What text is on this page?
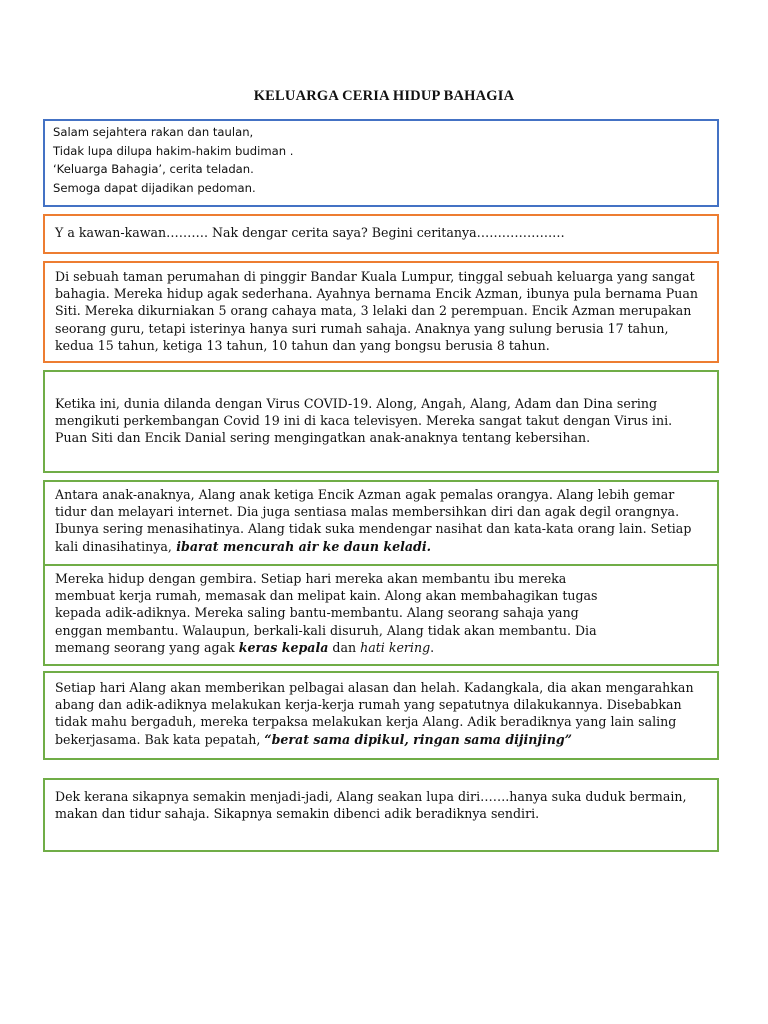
KELUARGA CERIA HIDUP BAHAGIA
Salam sejahtera rakan dan taulan,
Tidak lupa dilupa hakim-hakim budiman .
‘Keluarga Bahagia’, cerita teladan.
Semoga dapat dijadikan pedoman.
Y a kawan-kawan………. Nak dengar cerita saya? Begini ceritanya…………………
Di sebuah taman perumahan di pinggir Bandar Kuala Lumpur, tinggal sebuah keluarga yang sangat
bahagia. Mereka hidup agak sederhana. Ayahnya bernama Encik Azman, ibunya pula bernama Puan
Siti. Mereka dikurniakan 5 orang cahaya mata, 3 lelaki dan 2 perempuan. Encik Azman merupakan
seorang guru, tetapi isterinya hanya suri rumah sahaja. Anaknya yang sulung berusia 17 tahun,
kedua 15 tahun, ketiga 13 tahun, 10 tahun dan yang bongsu berusia 8 tahun.
Ketika ini, dunia dilanda dengan Virus COVID-19. Along, Angah, Alang, Adam dan Dina sering
mengikuti perkembangan Covid 19 ini di kaca televisyen. Mereka sangat takut dengan Virus ini.
Puan Siti dan Encik Danial sering mengingatkan anak-anaknya tentang kebersihan.
Antara anak-anaknya, Alang anak ketiga Encik Azman agak pemalas orangya. Alang lebih gemar
tidur dan melayari internet. Dia juga sentiasa malas membersihkan diri dan agak degil orangnya.
Ibunya sering menasihatinya. Alang tidak suka mendengar nasihat dan kata-kata orang lain. Setiap
kali dinasihatinya, ibarat mencurah air ke daun keladi.
Mereka hidup dengan gembira. Setiap hari mereka akan membantu ibu mereka
membuat kerja rumah, memasak dan melipat kain. Along akan membahagikan tugas
kepada adik-adiknya. Mereka saling bantu-membantu. Alang seorang sahaja yang
enggan membantu. Walaupun, berkali-kali disuruh, Alang tidak akan membantu. Dia
memang seorang yang agak keras kepala dan hati kering.
Setiap hari Alang akan memberikan pelbagai alasan dan helah. Kadangkala, dia akan mengarahkan
abang dan adik-adiknya melakukan kerja-kerja rumah yang sepatutnya dilakukannya. Disebabkan
tidak mahu bergaduh, mereka terpaksa melakukan kerja Alang. Adik beradiknya yang lain saling
bekerjasama. Bak kata pepatah, “berat sama dipikul, ringan sama dijinjing”
Dek kerana sikapnya semakin menjadi-jadi, Alang seakan lupa diri…….hanya suka duduk bermain,
makan dan tidur sahaja. Sikapnya semakin dibenci adik beradiknya sendiri.
